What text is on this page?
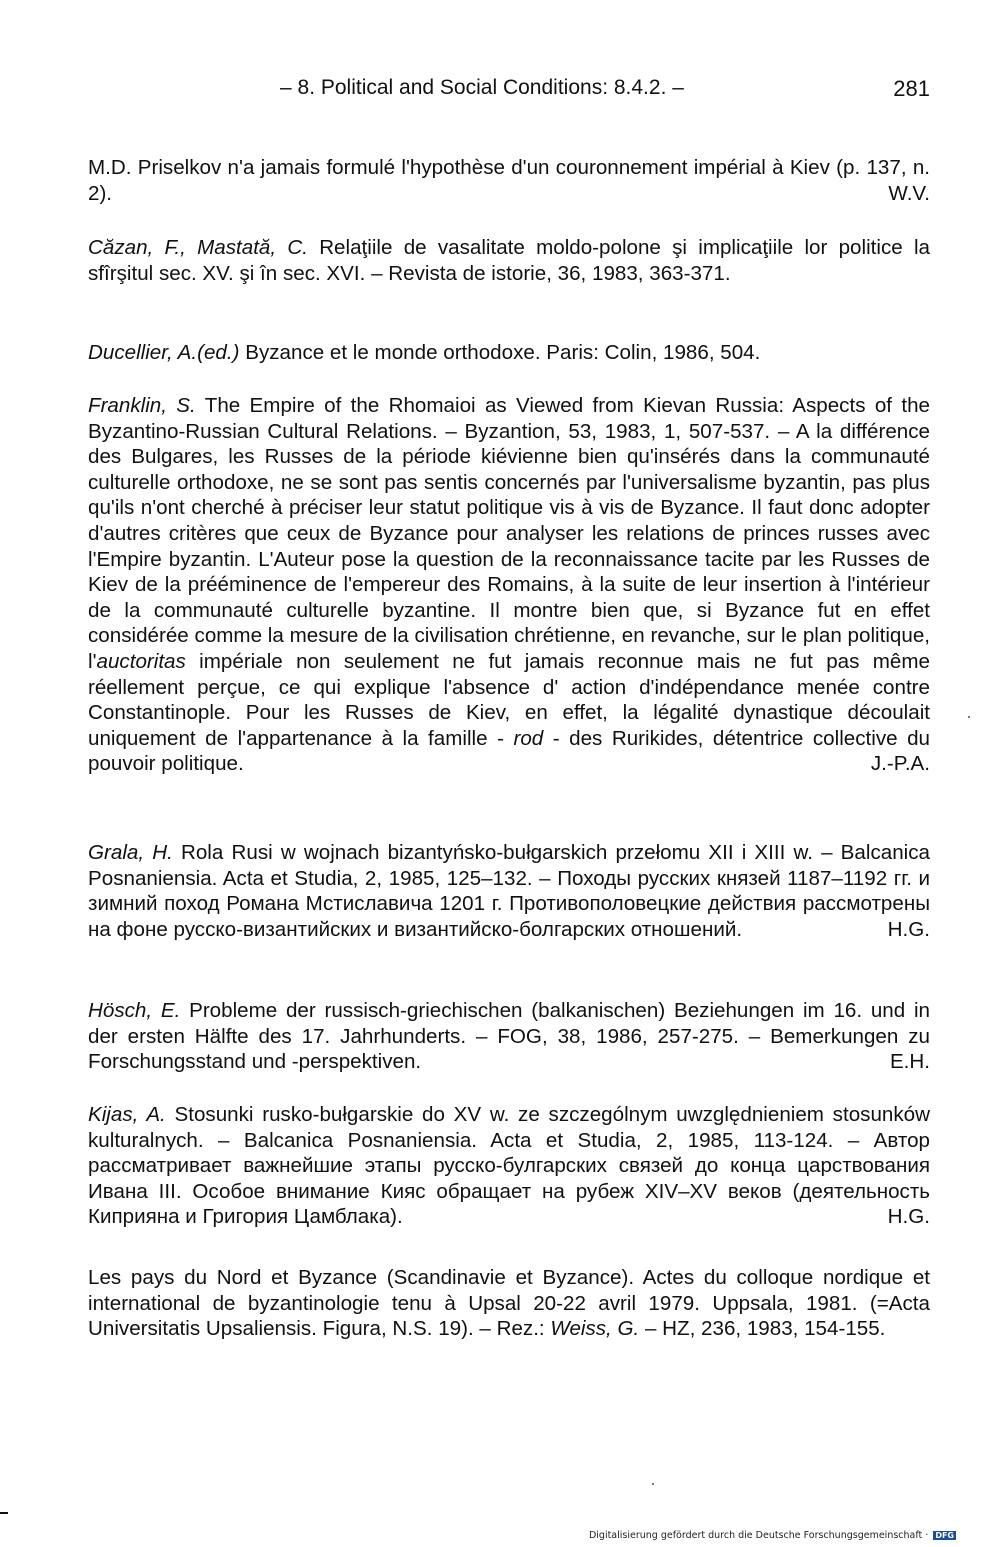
– 8. Political and Social Conditions: 8.4.2. –	281
M.D. Priselkov n'a jamais formulé l'hypothèse d'un couronnement impérial à Kiev (p. 137, n. 2).	W.V.
Căzan, F., Mastată, C. Relaţiile de vasalitate moldo-polone şi implicaţiile lor politice la sfîrşitul sec. XV. şi în sec. XVI. – Revista de istorie, 36, 1983, 363-371.
Ducellier, A.(ed.) Byzance et le monde orthodoxe. Paris: Colin, 1986, 504.
Franklin, S. The Empire of the Rhomaioi as Viewed from Kievan Russia: Aspects of the Byzantino-Russian Cultural Relations. – Byzantion, 53, 1983, 1, 507-537. – A la différence des Bulgares, les Russes de la période kiévienne bien qu'insérés dans la communauté culturelle orthodoxe, ne se sont pas sentis concernés par l'universalisme byzantin, pas plus qu'ils n'ont cherché à préciser leur statut politique vis à vis de Byzance. Il faut donc adopter d'autres critères que ceux de Byzance pour analyser les relations de princes russes avec l'Empire byzantin. L'Auteur pose la question de la reconnaissance tacite par les Russes de Kiev de la prééminence de l'empereur des Romains, à la suite de leur insertion à l'intérieur de la communauté culturelle byzantine. Il montre bien que, si Byzance fut en effet considérée comme la mesure de la civilisation chrétienne, en revanche, sur le plan politique, l'auctoritas impériale non seulement ne fut jamais reconnue mais ne fut pas même réellement perçue, ce qui explique l'absence d' action d'indépendance menée contre Constantinople. Pour les Russes de Kiev, en effet, la légalité dynastique découlait uniquement de l'appartenance à la famille - rod - des Rurikides, détentrice collective du pouvoir politique.	J.-P.A.
Grala, H. Rola Rusi w wojnach bizantyńsko-bułgarskich przełomu XII i XIII w. – Balcanica Posnaniensia. Acta et Studia, 2, 1985, 125–132. – Походы русских князей 1187–1192 гг. и зимний поход Романа Мстиславича 1201 г. Противополовецкие действия рассмотрены на фоне русско-византийских и византийско-болгарских отношений.	H.G.
Hösch, E. Probleme der russisch-griechischen (balkanischen) Beziehungen im 16. und in der ersten Hälfte des 17. Jahrhunderts. – FOG, 38, 1986, 257-275. – Bemerkungen zu Forschungsstand und -perspektiven.	E.H.
Kijas, A. Stosunki rusko-bułgarskie do XV w. ze szczególnym uwzględnieniem stosunków kulturalnych. – Balcanica Posnaniensia. Acta et Studia, 2, 1985, 113-124. – Автор рассматривает важнейшие этапы русско-булгарских связей до конца царствования Ивана III. Особое внимание Кияс обращает на рубеж XIV–XV веков (деятельность Киприяна и Григория Цамблака).	H.G.
Les pays du Nord et Byzance (Scandinavie et Byzance). Actes du colloque nordique et international de byzantinologie tenu à Upsal 20-22 avril 1979. Uppsala, 1981. (=Acta Universitatis Upsaliensis. Figura, N.S. 19). – Rez.: Weiss, G. – HZ, 236, 1983, 154-155.
Digitalisierung gefördert durch die Deutsche Forschungsgemeinschaft · DFG
